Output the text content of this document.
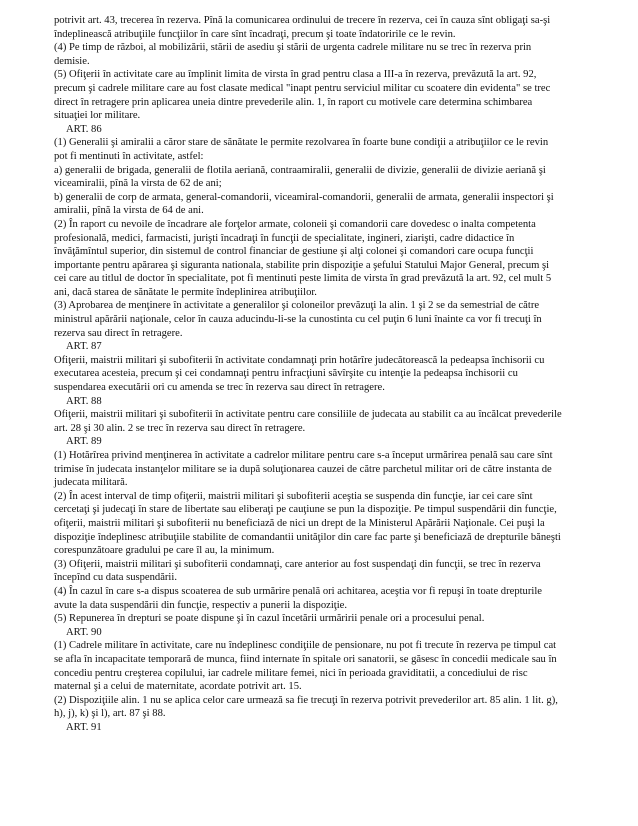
potrivit art. 43, trecerea în rezerva. Pînă la comunicarea ordinului de trecere în rezerva, cei în cauza sînt obligaţi sa-şi îndeplinească atribuţiile funcţiilor în care sînt încadraţi, precum şi toate îndatoririle ce le revin.

(4) Pe timp de război, al mobilizării, stării de asediu şi stării de urgenta cadrele militare nu se trec în rezerva prin demisie.

(5) Ofiţerii în activitate care au împlinit limita de virsta în grad pentru clasa a III-a în rezerva, prevăzută la art. 92, precum şi cadrele militare care au fost clasate medical "inapt pentru serviciul militar cu scoatere din evidenta" se trec direct în retragere prin aplicarea uneia dintre prevederile alin. 1, în raport cu motivele care determina schimbarea situaţiei lor militare.

ART. 86

(1) Generalii şi amiralii a căror stare de sănătate le permite rezolvarea în foarte bune condiţii a atribuţiilor ce le revin pot fi mentinuti în activitate, astfel:

a) generalii de brigada, generalii de flotila aeriană, contraamiralii, generalii de divizie, generalii de divizie aeriană şi viceamiralii, pînă la virsta de 62 de ani;

b) generalii de corp de armata, general-comandorii, viceamiral-comandorii, generalii de armata, generalii inspectori şi amiralii, pînă la virsta de 64 de ani.

(2) În raport cu nevoile de încadrare ale forţelor armate, coloneii şi comandorii care dovedesc o inalta competenta profesională, medici, farmacisti, jurişti încadraţi în funcţii de specialitate, ingineri, ziarişti, cadre didactice în învăţămîntul superior, din sistemul de control financiar de gestiune şi alţi colonei şi comandori care ocupa funcţii importante pentru apărarea şi siguranta nationala, stabilite prin dispoziţie a şefului Statului Major General, precum şi cei care au titlul de doctor în specialitate, pot fi mentinuti peste limita de virsta în grad prevăzută la art. 92, cel mult 5 ani, dacă starea de sănătate le permite îndeplinirea atribuţiilor.

(3) Aprobarea de menţinere în activitate a generalilor şi coloneilor prevăzuţi la alin. 1 şi 2 se da semestrial de către ministrul apărării naţionale, celor în cauza aducindu-li-se la cunostinta cu cel puţin 6 luni înainte ca vor fi trecuţi în rezerva sau direct în retragere.

ART. 87

Ofiţerii, maistrii militari şi subofiterii în activitate condamnaţi prin hotărîre judecătorească la pedeapsa închisorii cu executarea acesteia, precum şi cei condamnaţi pentru infracţiuni săvîrşite cu intenţie la pedeapsa închisorii cu suspendarea executării ori cu amenda se trec în rezerva sau direct în retragere.

ART. 88

Ofiţerii, maistrii militari şi subofiterii în activitate pentru care consiliile de judecata au stabilit ca au încălcat prevederile art. 28 şi 30 alin. 2 se trec în rezerva sau direct în retragere.

ART. 89

(1) Hotărîrea privind menţinerea în activitate a cadrelor militare pentru care s-a început urmărirea penală sau care sînt trimise în judecata instanţelor militare se ia după soluţionarea cauzei de către parchetul militar ori de către instanta de judecata militară.

(2) În acest interval de timp ofiţerii, maistrii militari şi subofiterii aceştia se suspenda din funcţie, iar cei care sînt cercetaţi şi judecaţi în stare de libertate sau eliberaţi pe cauţiune se pun la dispoziţie. Pe timpul suspendării din funcţie, ofiţerii, maistrii militari şi subofiterii nu beneficiază de nici un drept de la Ministerul Apărării Naţionale. Cei puşi la dispoziţie îndeplinesc atribuţiile stabilite de comandantii unităţilor din care fac parte şi beneficiază de drepturile băneşti corespunzătoare gradului pe care îl au, la minimum.

(3) Ofiţerii, maistrii militari şi subofiterii condamnaţi, care anterior au fost suspendaţi din funcţii, se trec în rezerva începînd cu data suspendării.

(4) În cazul în care s-a dispus scoaterea de sub urmărire penală ori achitarea, aceştia vor fi repuşi în toate drepturile avute la data suspendării din funcţie, respectiv a punerii la dispoziţie.

(5) Repunerea în drepturi se poate dispune şi în cazul încetării urmăririi penale ori a procesului penal.

ART. 90

(1) Cadrele militare în activitate, care nu îndeplinesc condiţiile de pensionare, nu pot fi trecute în rezerva pe timpul cat se afla în incapacitate temporară de munca, fiind internate în spitale ori sanatorii, se găsesc în concedii medicale sau în concediu pentru creşterea copilului, iar cadrele militare femei, nici în perioada graviditatii, a concediului de risc maternal şi a celui de maternitate, acordate potrivit art. 15.

(2) Dispoziţiile alin. 1 nu se aplica celor care urmează sa fie trecuţi în rezerva potrivit prevederilor art. 85 alin. 1 lit. g), h), j), k) şi l), art. 87 şi 88.

ART. 91
